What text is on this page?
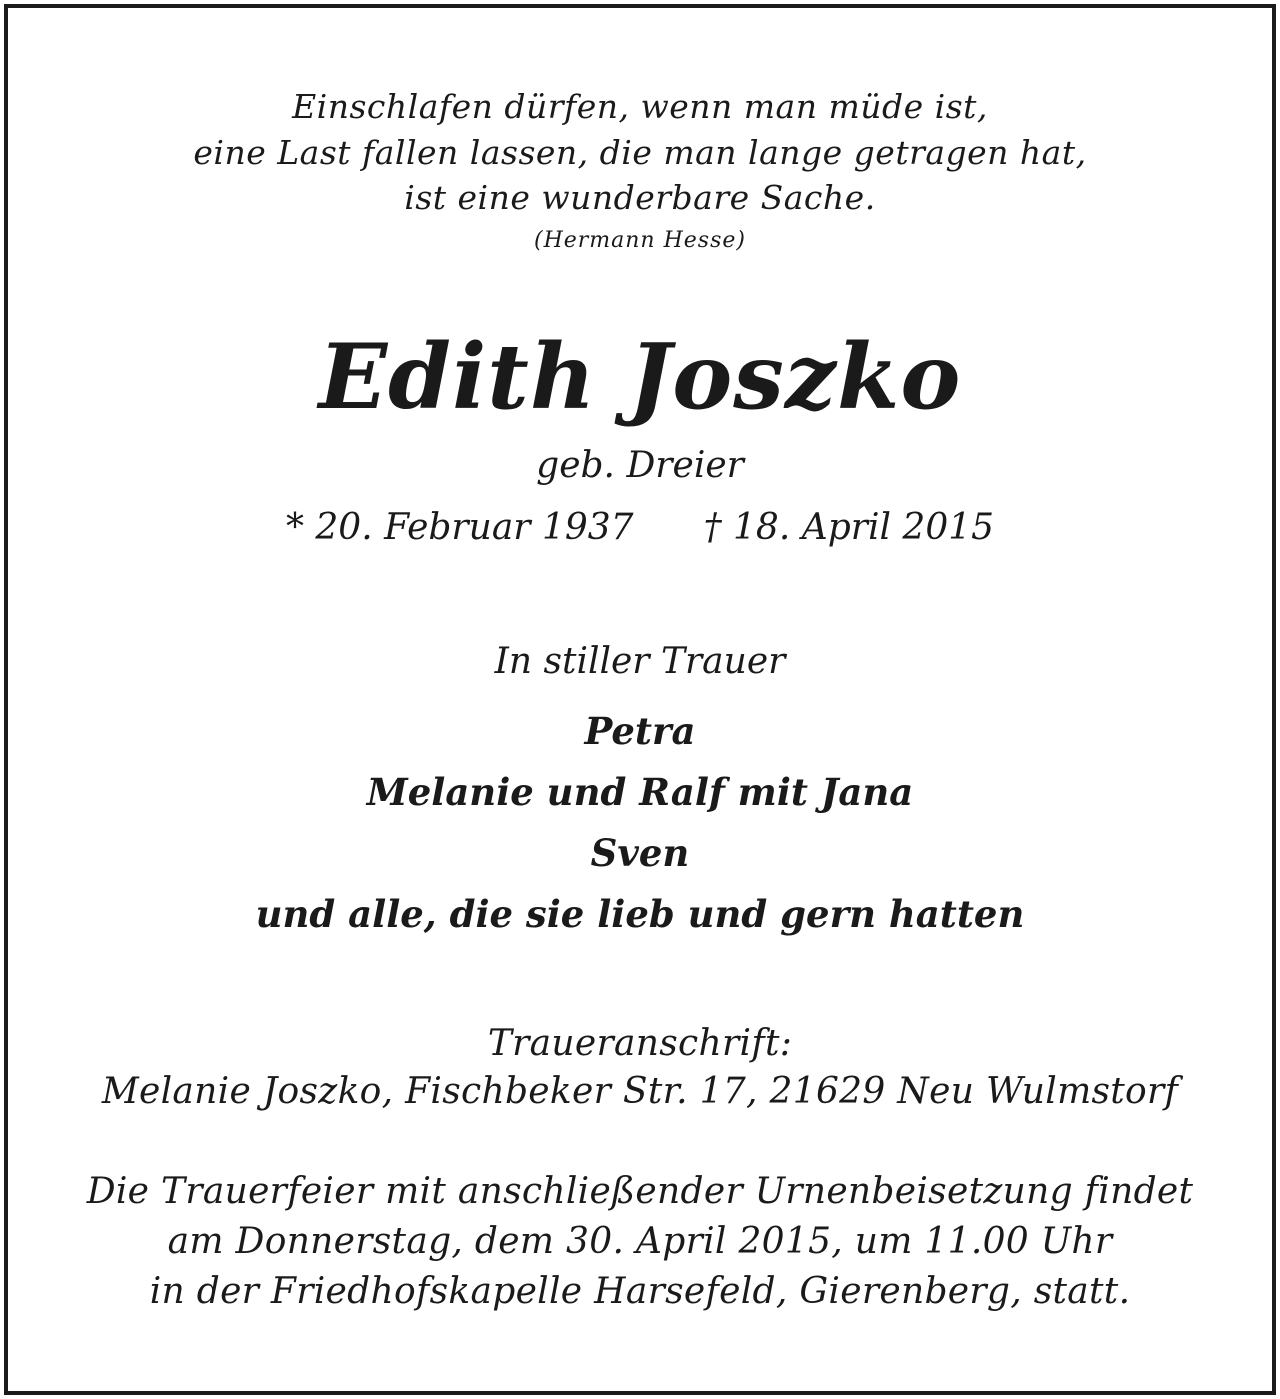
Einschlafen dürfen, wenn man müde ist,
eine Last fallen lassen, die man lange getragen hat,
ist eine wunderbare Sache.
(Hermann Hesse)
Edith Joszko
geb. Dreier
* 20. Februar 1937 † 18. April 2015
In stiller Trauer
Petra
Melanie und Ralf mit Jana
Sven
und alle, die sie lieb und gern hatten
Traueranschrift:
Melanie Joszko, Fischbeker Str. 17, 21629 Neu Wulmstorf
Die Trauerfeier mit anschließender Urnenbeisetzung findet
am Donnerstag, dem 30. April 2015, um 11.00 Uhr
in der Friedhofskapelle Harsefeld, Gierenberg, statt.
